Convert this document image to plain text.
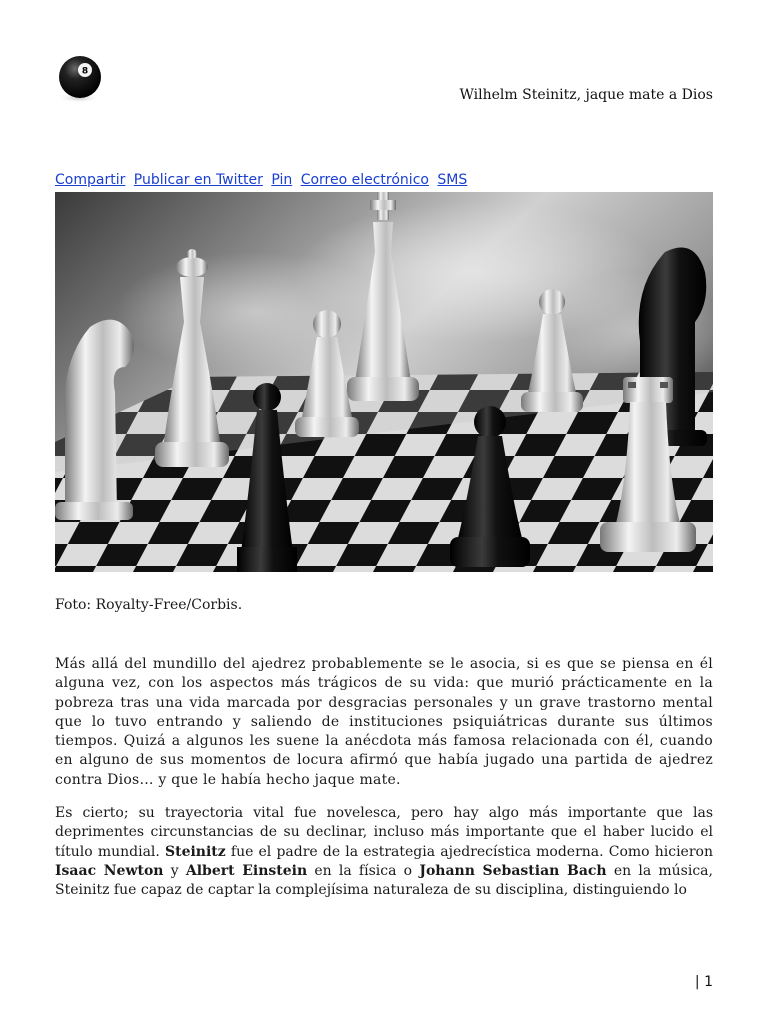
8
Wilhelm Steinitz, jaque mate a Dios
Compartir Publicar en Twitter Pin Correo electrónico SMS
Foto: Royalty-Free/Corbis.

Más allá del mundillo del ajedrez probablemente se le asocia, si es que se piensa en él alguna vez, con los aspectos más trágicos de su vida: que murió prácticamente en la pobreza tras una vida marcada por desgracias personales y un grave trastorno mental que lo tuvo entrando y saliendo de instituciones psiquiátricas durante sus últimos tiempos. Quizá a algunos les suene la anécdota más famosa relacionada con él, cuando en alguno de sus momentos de locura afirmó que había jugado una partida de ajedrez contra Dios… y que le había hecho jaque mate.

Es cierto; su trayectoria vital fue novelesca, pero hay algo más importante que las deprimentes circunstancias de su declinar, incluso más importante que el haber lucido el título mundial. Steinitz fue el padre de la estrategia ajedrecística moderna. Como hicieron Isaac Newton y Albert Einstein en la física o Johann Sebastian Bach en la música, Steinitz fue capaz de captar la complejísima naturaleza de su disciplina, distinguiendo lo

| 1
